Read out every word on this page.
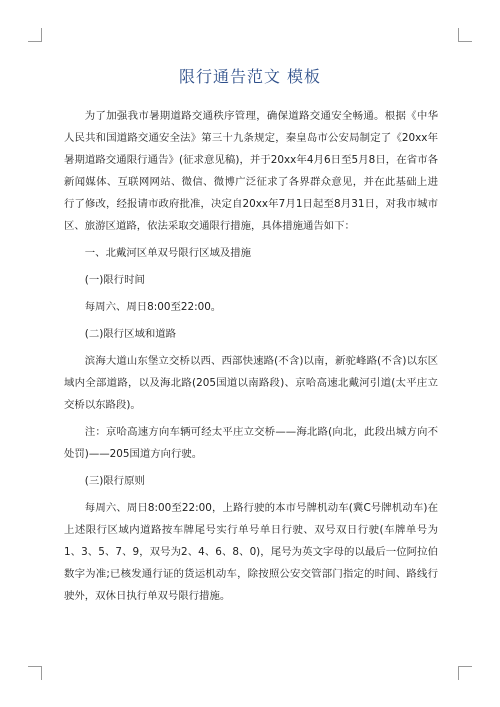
限行通告范文 模板

为了加强我市暑期道路交通秩序管理，确保道路交通安全畅通。根据《中华人民共和国道路交通安全法》第三十九条规定，秦皇岛市公安局制定了《20xx年暑期道路交通限行通告》(征求意见稿)，并于20xx年4月6日至5月8日，在省市各新闻媒体、互联网网站、微信、微博广泛征求了各界群众意见，并在此基础上进行了修改，经报请市政府批准，决定自20xx年7月1日起至8月31日，对我市城市区、旅游区道路，依法采取交通限行措施，具体措施通告如下：

一、北戴河区单双号限行区域及措施

(一)限行时间

每周六、周日8:00至22:00。

(二)限行区域和道路

滨海大道山东堡立交桥以西、西部快速路(不含)以南，新驼峰路(不含)以东区域内全部道路，以及海北路(205国道以南路段)、京哈高速北戴河引道(太平庄立交桥以东路段)。

注：京哈高速方向车辆可经太平庄立交桥——海北路(向北，此段出城方向不处罚)——205国道方向行驶。

(三)限行原则

每周六、周日8:00至22:00，上路行驶的本市号牌机动车(冀C号牌机动车)在上述限行区域内道路按车牌尾号实行单号单日行驶、双号双日行驶(车牌单号为1、3、5、7、9，双号为2、4、6、8、0)，尾号为英文字母的以最后一位阿拉伯数字为准;已核发通行证的货运机动车，除按照公安交管部门指定的时间、路线行驶外，双休日执行单双号限行措施。
